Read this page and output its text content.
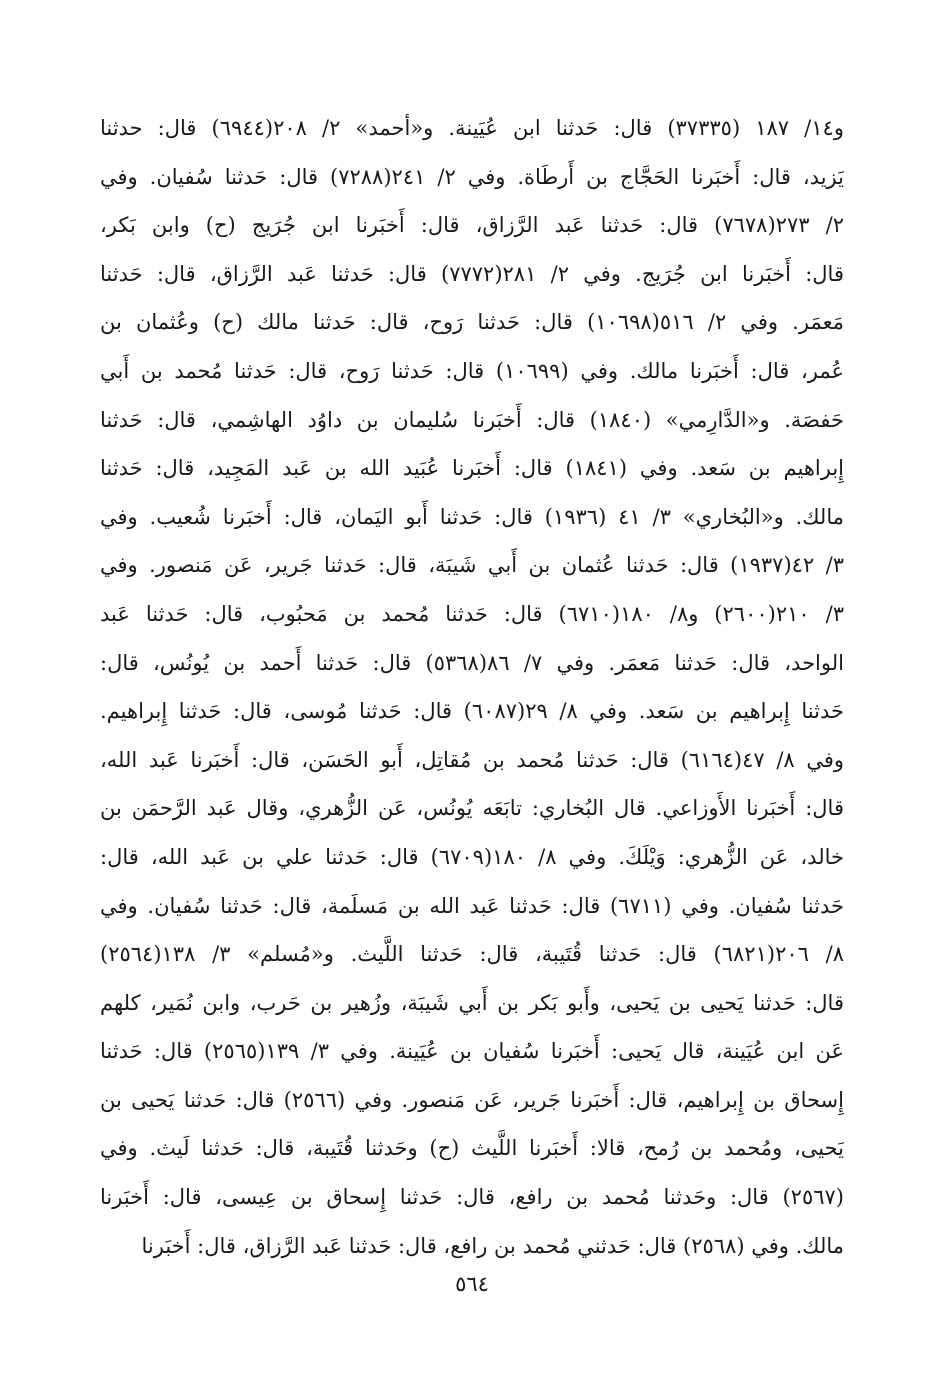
و١٤/ ١٨٧ (٣٧٣٣٥) قال: حَدثنا ابن عُيَينة. و«أحمد» ٢/ ٢٠٨(٦٩٤٤) قال: حدثنا
يَزيد، قال: أَخبَرنا الحَجَّاج بن أَرطَاة. وفي ٢/ ٢٤١(٧٢٨٨) قال: حَدثنا سُفيان. وفي
٢/ ٢٧٣(٧٦٧٨) قال: حَدثنا عَبد الرَّزاق، قال: أَخبَرنا ابن جُرَيج (ح) وابن بَكر،
قال: أَخبَرنا ابن جُرَيج. وفي ٢/ ٢٨١(٧٧٧٢) قال: حَدثنا عَبد الرَّزاق، قال: حَدثنا
مَعمَر. وفي ٢/ ٥١٦(١٠٦٩٨) قال: حَدثنا رَوح، قال: حَدثنا مالك (ح) وعُثمان بن
عُمر، قال: أَخبَرنا مالك. وفي (١٠٦٩٩) قال: حَدثنا رَوح، قال: حَدثنا مُحمد بن أَبي
حَفصَة. و«الدَّارِمي» (١٨٤٠) قال: أَخبَرنا سُليمان بن داوُد الهاشِمي، قال: حَدثنا
إِبراهيم بن سَعد. وفي (١٨٤١) قال: أَخبَرنا عُبَيد الله بن عَبد المَجِيد، قال: حَدثنا
مالك. و«البُخاري» ٣/ ٤١ (١٩٣٦) قال: حَدثنا أَبو اليَمان، قال: أَخبَرنا شُعيب. وفي
٣/ ٤٢(١٩٣٧) قال: حَدثنا عُثمان بن أَبي شَيبَة، قال: حَدثنا جَرير، عَن مَنصور. وفي
٣/ ٢١٠(٢٦٠٠) و٨/ ١٨٠(٦٧١٠) قال: حَدثنا مُحمد بن مَحبُوب، قال: حَدثنا عَبد
الواحد، قال: حَدثنا مَعمَر. وفي ٧/ ٨٦(٥٣٦٨) قال: حَدثنا أَحمد بن يُونُس، قال:
حَدثنا إِبراهيم بن سَعد. وفي ٨/ ٢٩(٦٠٨٧) قال: حَدثنا مُوسى، قال: حَدثنا إِبراهيم.
وفي ٨/ ٤٧(٦١٦٤) قال: حَدثنا مُحمد بن مُقاتِل، أَبو الحَسَن، قال: أَخبَرنا عَبد الله،
قال: أَخبَرنا الأَوزاعي. قال البُخاري: تابَعَه يُونُس، عَن الزُّهري، وقال عَبد الرَّحمَن بن
خالد، عَن الزُّهري: وَيْلَكَ. وفي ٨/ ١٨٠(٦٧٠٩) قال: حَدثنا علي بن عَبد الله، قال:
حَدثنا سُفيان. وفي (٦٧١١) قال: حَدثنا عَبد الله بن مَسلَمة، قال: حَدثنا سُفيان. وفي
٨/ ٢٠٦(٦٨٢١) قال: حَدثنا قُتَيبة، قال: حَدثنا اللَّيث. و«مُسلم» ٣/ ١٣٨(٢٥٦٤)
قال: حَدثنا يَحيى بن يَحيى، وأَبو بَكر بن أَبي شَيبَة، وزُهير بن حَرب، وابن نُمَير، كلهم
عَن ابن عُيَينة، قال يَحيى: أَخبَرنا سُفيان بن عُيَينة. وفي ٣/ ١٣٩(٢٥٦٥) قال: حَدثنا
إِسحاق بن إِبراهيم، قال: أَخبَرنا جَرير، عَن مَنصور. وفي (٢٥٦٦) قال: حَدثنا يَحيى بن
يَحيى، ومُحمد بن رُمح، قالا: أَخبَرنا اللَّيث (ح) وحَدثنا قُتَيبة، قال: حَدثنا لَيث. وفي
(٢٥٦٧) قال: وحَدثنا مُحمد بن رافع، قال: حَدثنا إِسحاق بن عِيسى، قال: أَخبَرنا
مالك. وفي (٢٥٦٨) قال: حَدثني مُحمد بن رافع، قال: حَدثنا عَبد الرَّزاق، قال: أَخبَرنا
٥٦٤
